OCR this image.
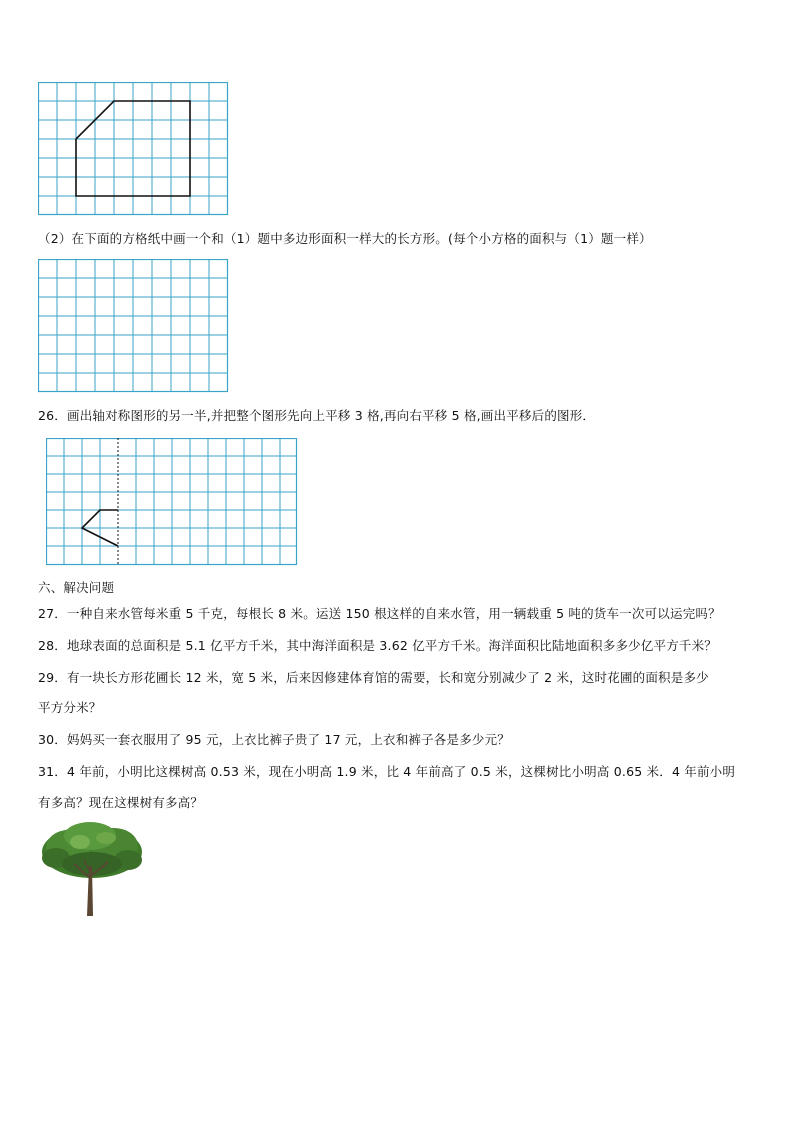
（2）在下面的方格纸中画一个和（1）题中多边形面积一样大的长方形。(每个小方格的面积与（1）题一样）
26．画出轴对称图形的另一半,并把整个图形先向上平移 3 格,再向右平移 5 格,画出平移后的图形．
六、解决问题
27．一种自来水管每米重 5 千克，每根长 8 米。运送 150 根这样的自来水管，用一辆载重 5 吨的货车一次可以运完吗？
28．地球表面的总面积是 5.1 亿平方千米，其中海洋面积是 3.62 亿平方千米。海洋面积比陆地面积多多少亿平方千米？
29．有一块长方形花圃长 12 米，宽 5 米，后来因修建体育馆的需要，长和宽分别减少了 2 米，这时花圃的面积是多少
平方分米？
30．妈妈买一套衣服用了 95 元，上衣比裤子贵了 17 元，上衣和裤子各是多少元？
31．4 年前，小明比这棵树高 0.53 米，现在小明高 1.9 米，比 4 年前高了 0.5 米，这棵树比小明高 0.65 米．4 年前小明
有多高？现在这棵树有多高？
